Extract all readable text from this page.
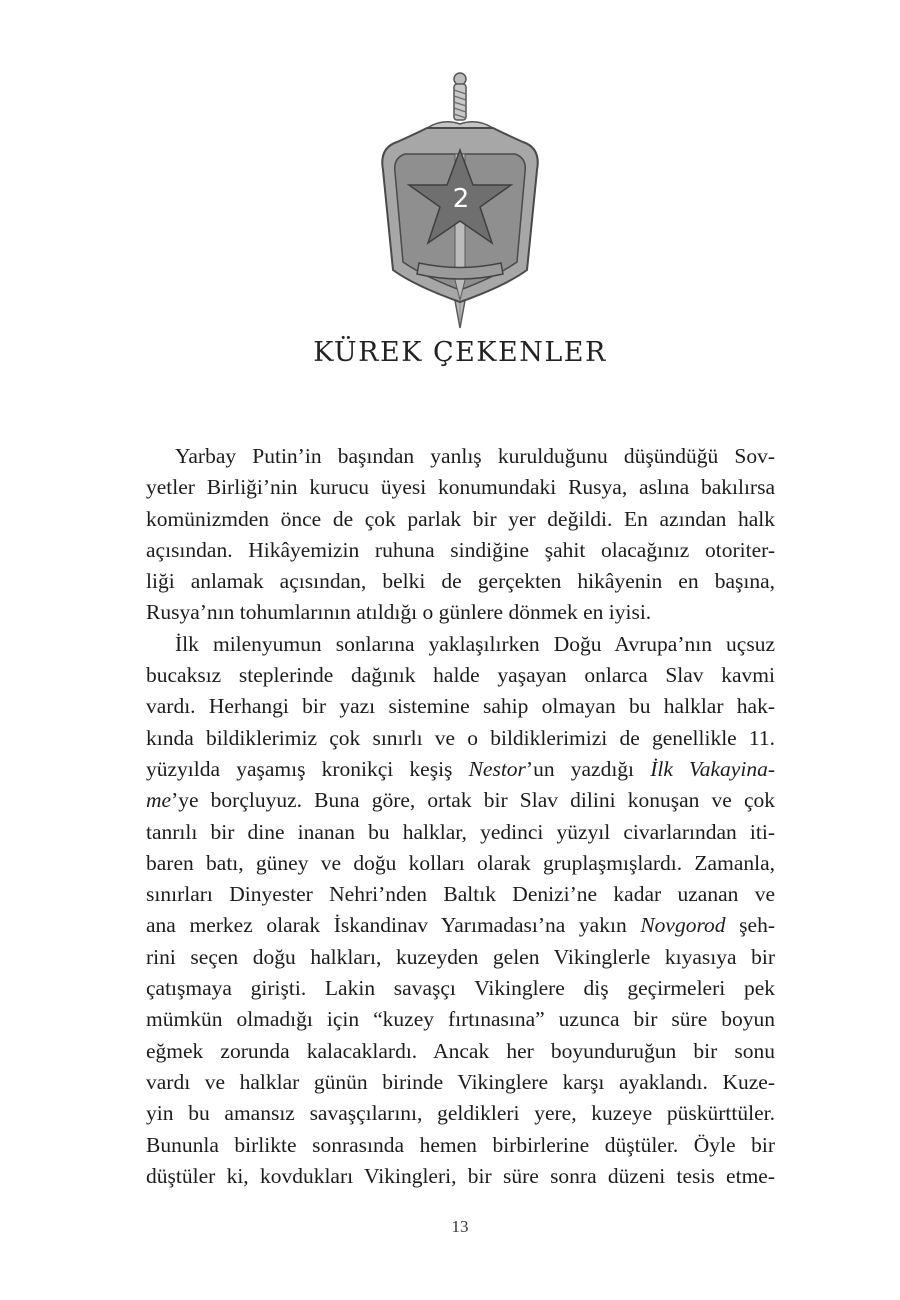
2
KÜREK ÇEKENLER

Yarbay Putin’in başından yanlış kurulduğunu düşündüğü Sov-
yetler Birliği’nin kurucu üyesi konumundaki Rusya, aslına bakılırsa
komünizmden önce de çok parlak bir yer değildi. En azından halk
açısından. Hikâyemizin ruhuna sindiğine şahit olacağınız otoriter-
liği anlamak açısından, belki de gerçekten hikâyenin en başına,
Rusya’nın tohumlarının atıldığı o günlere dönmek en iyisi.

İlk milenyumun sonlarına yaklaşılırken Doğu Avrupa’nın uçsuz
bucaksız steplerinde dağınık halde yaşayan onlarca Slav kavmi
vardı. Herhangi bir yazı sistemine sahip olmayan bu halklar hak-
kında bildiklerimiz çok sınırlı ve o bildiklerimizi de genellikle 11.
yüzyılda yaşamış kronikçi keşiş Nestor’un yazdığı İlk Vakayina-
me’ye borçluyuz. Buna göre, ortak bir Slav dilini konuşan ve çok
tanrılı bir dine inanan bu halklar, yedinci yüzyıl civarlarından iti-
baren batı, güney ve doğu kolları olarak gruplaşmışlardı. Zamanla,
sınırları Dinyester Nehri’nden Baltık Denizi’ne kadar uzanan ve
ana merkez olarak İskandinav Yarımadası’na yakın Novgorod şeh-
rini seçen doğu halkları, kuzeyden gelen Vikinglerle kıyasıya bir
çatışmaya girişti. Lakin savaşçı Vikinglere diş geçirmeleri pek
mümkün olmadığı için “kuzey fırtınasına” uzunca bir süre boyun
eğmek zorunda kalacaklardı. Ancak her boyunduruğun bir sonu
vardı ve halklar günün birinde Vikinglere karşı ayaklandı. Kuze-
yin bu amansız savaşçılarını, geldikleri yere, kuzeye püskürttüler.
Bununla birlikte sonrasında hemen birbirlerine düştüler. Öyle bir
düştüler ki, kovdukları Vikingleri, bir süre sonra düzeni tesis etme-

13
